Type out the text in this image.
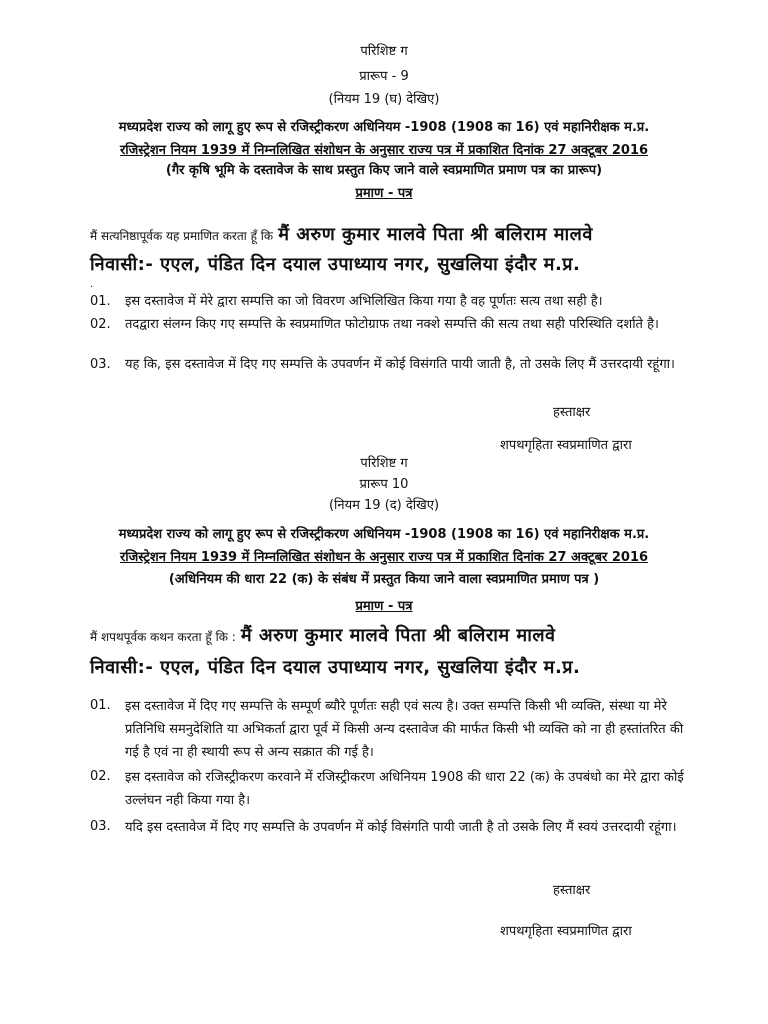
परिशिष्ट ग
प्रारूप - 9
(नियम 19 (घ) देखिए)
मध्यप्रदेश राज्य को लागू हुए रूप से रजिस्ट्रीकरण अधिनियम -1908 (1908 का 16) एवं महानिरीक्षक म.प्र.
रजिस्ट्रेशन नियम 1939 में निम्नलिखित संशोधन के अनुसार राज्य पत्र में प्रकाशित दिनांक 27 अक्टूबर 2016
(गैर कृषि भूमि के दस्तावेज के साथ प्रस्तुत किए जाने वाले स्वप्रमाणित प्रमाण पत्र का प्रारूप)
प्रमाण - पत्र
मैं सत्यनिष्ठापूर्वक यह प्रमाणित करता हूँ कि मैं अरुण कुमार मालवे पिता श्री बलिराम मालवे
निवासी:- एएल, पंडित दिन दयाल उपाध्याय नगर, सुखलिया इंदौर म.प्र.
.
01. इस दस्तावेज में मेरे द्वारा सम्पत्ति का जो विवरण अभिलिखित किया गया है वह पूर्णतः सत्य तथा सही है।
02. तदद्वारा संलग्न किए गए सम्पत्ति के स्वप्रमाणित फोटोग्राफ तथा नक्शे सम्पत्ति की सत्य तथा सही परिस्थिति दर्शाते है।
03. यह कि, इस दस्तावेज में दिए गए सम्पत्ति के उपवर्णन में कोई विसंगति पायी जाती है, तो उसके लिए मैं उत्तरदायी रहूंगा।
हस्ताक्षर
शपथगृहिता स्वप्रमाणित द्वारा
परिशिष्ट ग
प्रारूप 10
(नियम 19 (द) देखिए)
मध्यप्रदेश राज्य को लागू हुए रूप से रजिस्ट्रीकरण अधिनियम -1908 (1908 का 16) एवं महानिरीक्षक म.प्र.
रजिस्ट्रेशन नियम 1939 में निम्नलिखित संशोधन के अनुसार राज्य पत्र में प्रकाशित दिनांक 27 अक्टूबर 2016
(अधिनियम की धारा 22 (क) के संबंध में प्रस्तुत किया जाने वाला स्वप्रमाणित प्रमाण पत्र )
प्रमाण - पत्र
मैं शपथपूर्वक कथन करता हूँ कि : मैं अरुण कुमार मालवे पिता श्री बलिराम मालवे
निवासी:- एएल, पंडित दिन दयाल उपाध्याय नगर, सुखलिया इंदौर म.प्र.
01. इस दस्तावेज में दिए गए सम्पत्ति के सम्पूर्ण ब्यौरे पूर्णतः सही एवं सत्य है। उक्त सम्पत्ति किसी भी व्यक्ति, संस्था या मेरे प्रतिनिधि समनुदेशिति या अभिकर्ता द्वारा पूर्व में किसी अन्य दस्तावेज की मार्फत किसी भी व्यक्ति को ना ही हस्तांतरित की गई है एवं ना ही स्थायी रूप से अन्य सक्रात की गई है।
02. इस दस्तावेज को रजिस्ट्रीकरण करवाने में रजिस्ट्रीकरण अधिनियम 1908 की धारा 22 (क) के उपबंधो का मेरे द्वारा कोई उल्लंघन नही किया गया है।
03. यदि इस दस्तावेज में दिए गए सम्पत्ति के उपवर्णन में कोई विसंगति पायी जाती है तो उसके लिए मैं स्वयं उत्तरदायी रहूंगा।
हस्ताक्षर
शपथगृहिता स्वप्रमाणित द्वारा
